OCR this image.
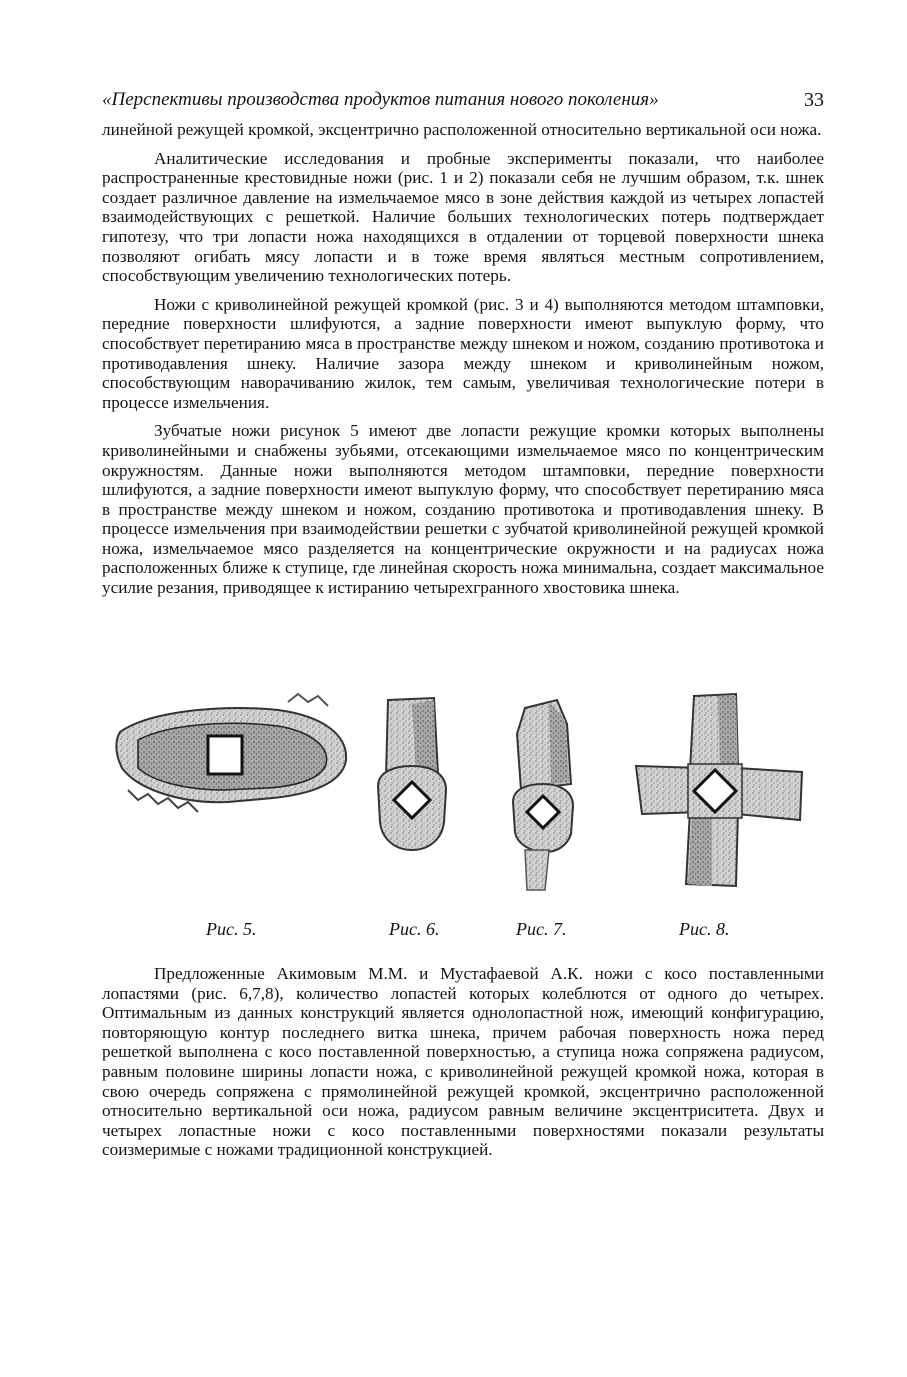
«Перспективы производства продуктов питания нового поколения»	33

линейной режущей кромкой, эксцентрично расположенной относительно вертикальной оси ножа.

Аналитические исследования и пробные эксперименты показали, что наиболее распространенные крестовидные ножи (рис. 1 и 2) показали себя не лучшим образом, т.к. шнек создает различное давление на измельчаемое мясо в зоне действия каждой из четырех лопастей взаимодействующих с решеткой. Наличие больших технологических потерь подтверждает гипотезу, что три лопасти ножа находящихся в отдалении от торцевой поверхности шнека позволяют огибать мясу лопасти и в тоже время являться местным сопротивлением, способствующим увеличению технологических потерь.

Ножи с криволинейной режущей кромкой (рис. 3 и 4) выполняются методом штамповки, передние поверхности шлифуются, а задние поверхности имеют выпуклую форму, что способствует перетиранию мяса в пространстве между шнеком и ножом, созданию противотока и противодавления шнеку. Наличие зазора между шнеком и криволинейным ножом, способствующим наворачиванию жилок, тем самым, увеличивая технологические потери в процессе измельчения.

Зубчатые ножи рисунок 5 имеют две лопасти режущие кромки которых выполнены криволинейными и снабжены зубьями, отсекающими измельчаемое мясо по концентрическим окружностям. Данные ножи выполняются методом штамповки, передние поверхности шлифуются, а задние поверхности имеют выпуклую форму, что способствует перетиранию мяса в пространстве между шнеком и ножом, созданию противотока и противодавления шнеку. В процессе измельчения при взаимодействии решетки с зубчатой криволинейной режущей кромкой ножа, измельчаемое мясо разделяется на концентрические окружности и на радиусах ножа расположенных ближе к ступице, где линейная скорость ножа минимальна, создает максимальное усилие резания, приводящее к истиранию четырехгранного хвостовика шнека.

Рис. 5.	Рис. 6.	Рис. 7.	Рис. 8.

Предложенные Акимовым М.М. и Мустафаевой А.К. ножи с косо поставленными лопастями (рис. 6,7,8), количество лопастей которых колеблются от одного до четырех. Оптимальным из данных конструкций является однолопастной нож, имеющий конфигурацию, повторяющую контур последнего витка шнека, причем рабочая поверхность ножа перед решеткой выполнена с косо поставленной поверхностью, а ступица ножа сопряжена радиусом, равным половине ширины лопасти ножа, с криволинейной режущей кромкой ножа, которая в свою очередь сопряжена с прямолинейной режущей кромкой, эксцентрично расположенной относительно вертикальной оси ножа, радиусом равным величине эксцентриситета. Двух и четырех лопастные ножи с косо поставленными поверхностями показали результаты соизмеримые с ножами традиционной конструкцией.
